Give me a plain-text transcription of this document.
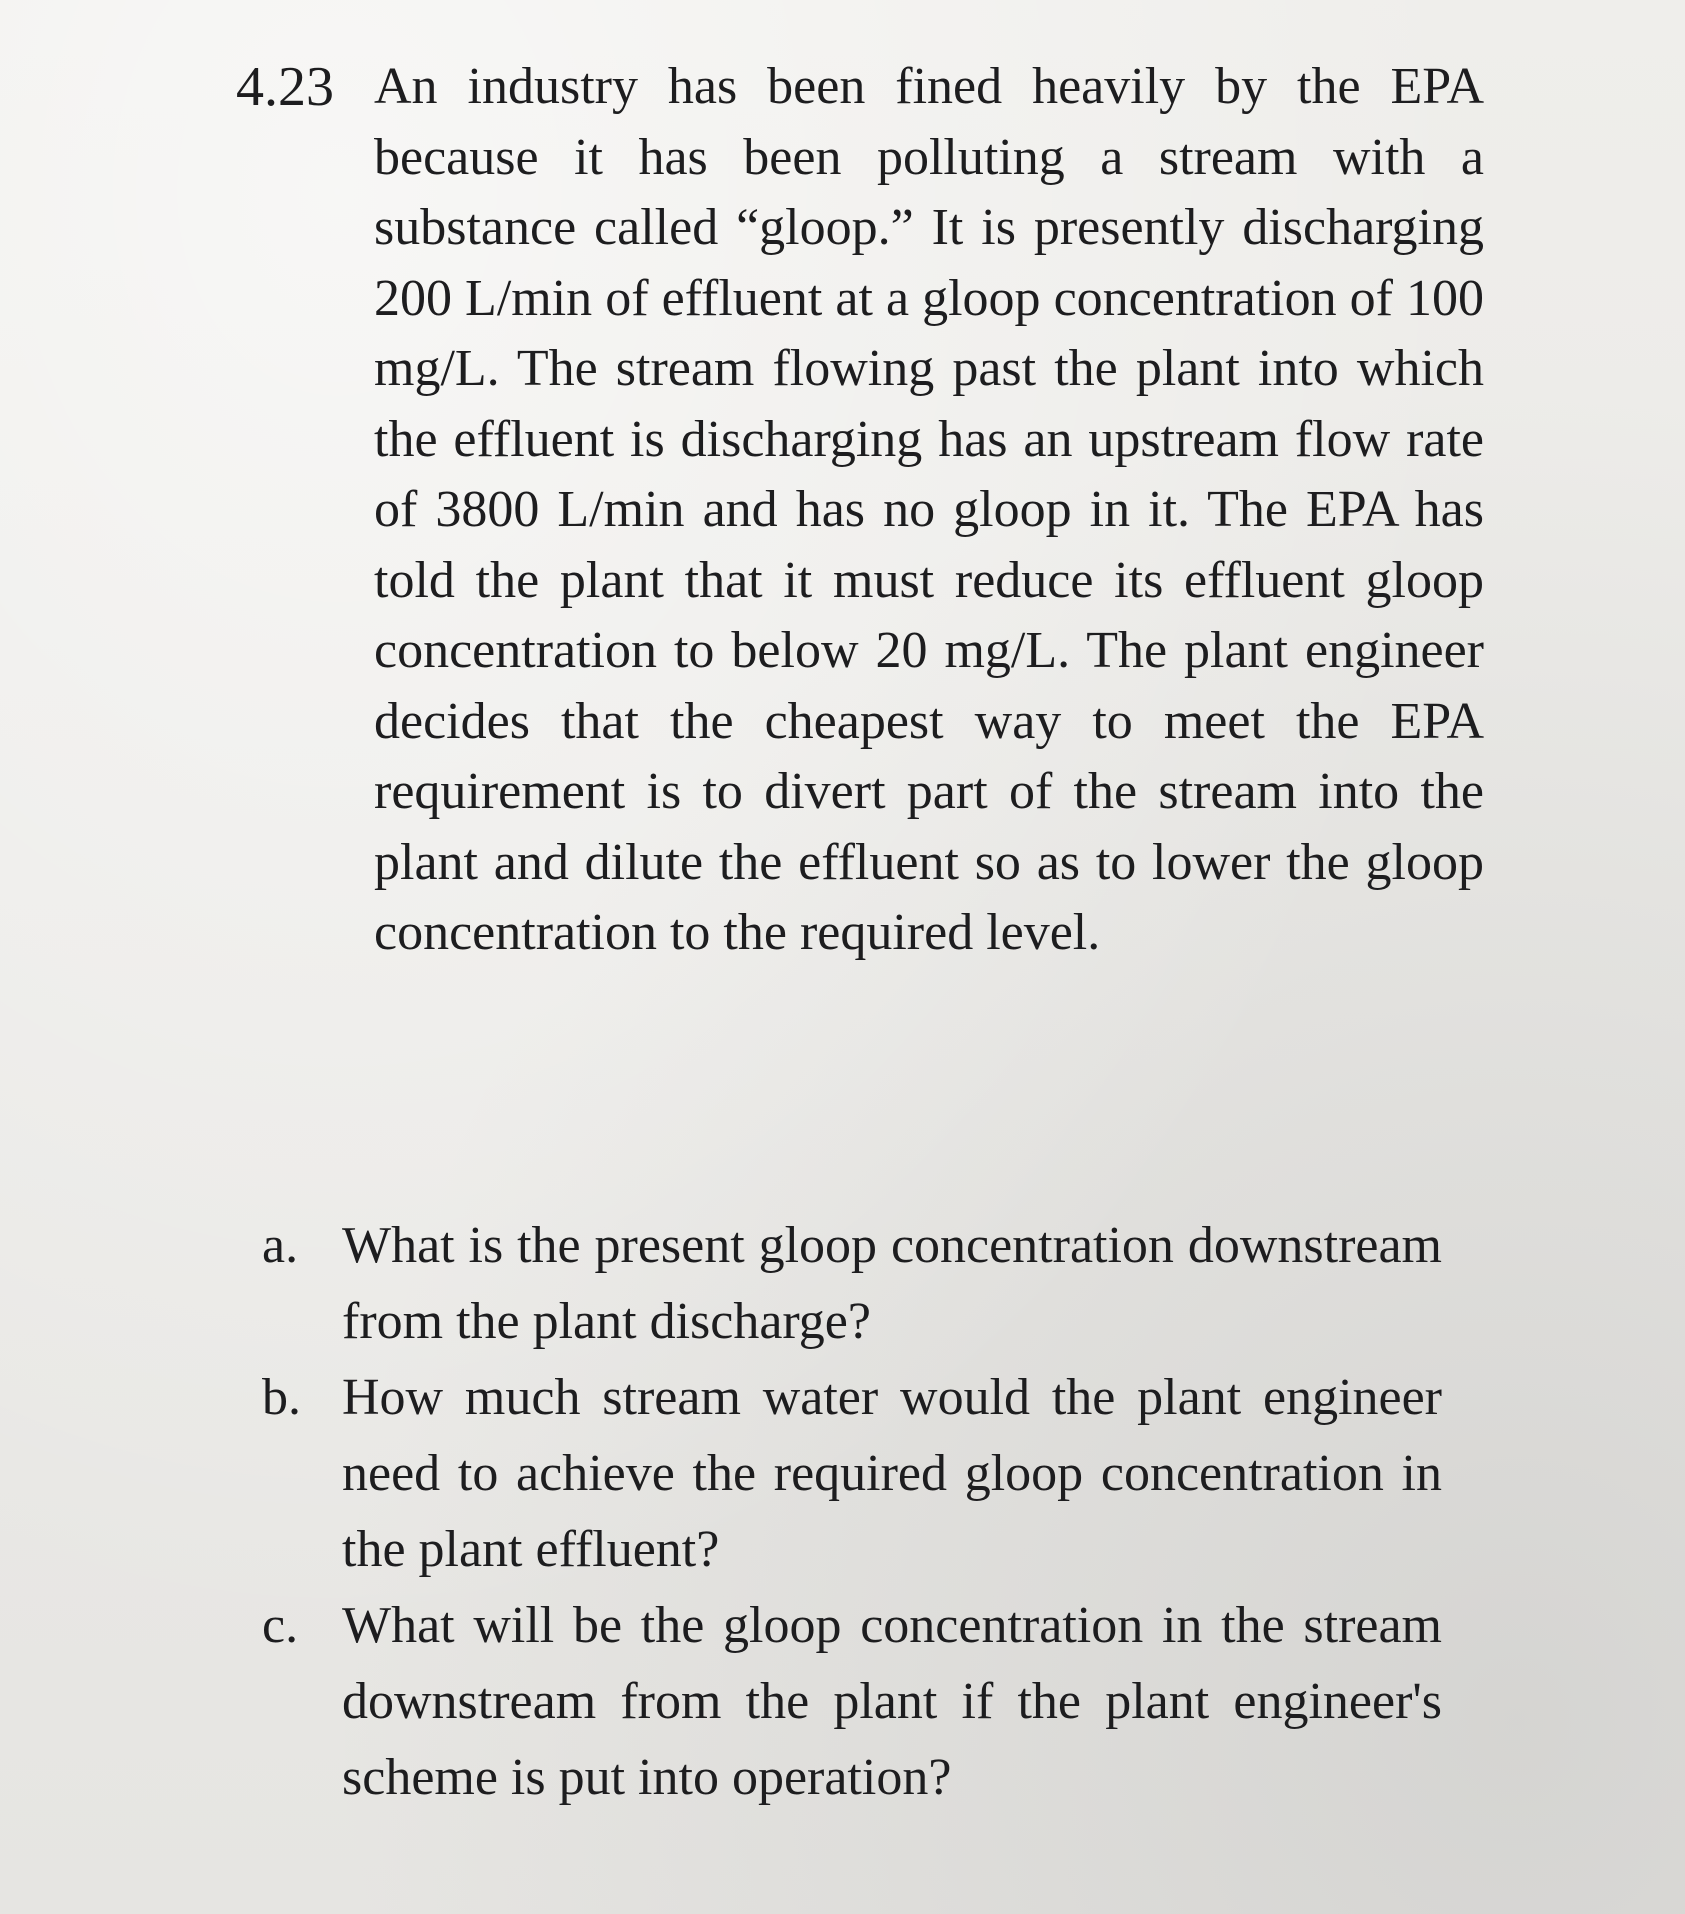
4.23 An industry has been fined heavily by the EPA because it has been polluting a stream with a substance called “gloop.” It is presently discharging 200 L/min of effluent at a gloop concentration of 100 mg/L. The stream flowing past the plant into which the effluent is discharging has an upstream flow rate of 3800 L/min and has no gloop in it. The EPA has told the plant that it must reduce its effluent gloop concentration to below 20 mg/L. The plant engineer decides that the cheapest way to meet the EPA requirement is to divert part of the stream into the plant and dilute the effluent so as to lower the gloop concentration to the required level.
a. What is the present gloop concentration downstream from the plant discharge?
b. How much stream water would the plant engineer need to achieve the required gloop concentration in the plant effluent?
c. What will be the gloop concentration in the stream downstream from the plant if the plant engineer's scheme is put into operation?
